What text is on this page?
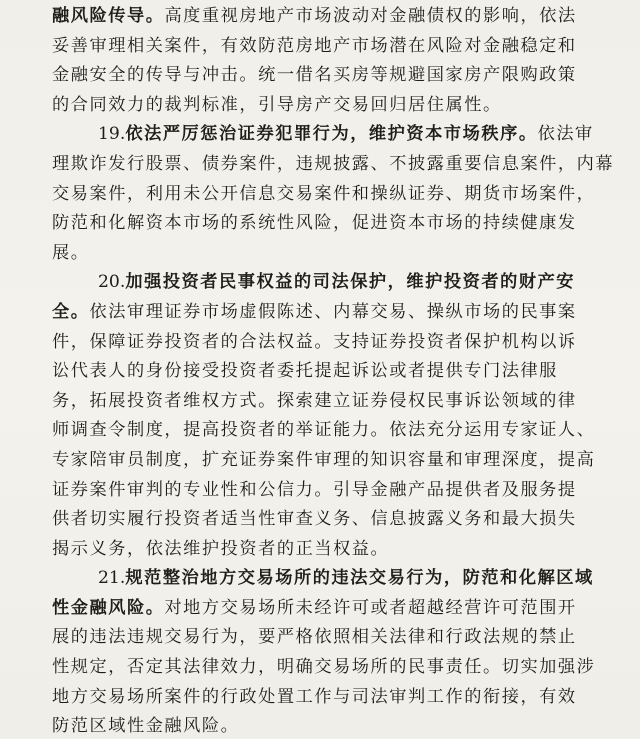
融风险传导。高度重视房地产市场波动对金融债权的影响，依法
妥善审理相关案件，有效防范房地产市场潜在风险对金融稳定和
金融安全的传导与冲击。统一借名买房等规避国家房产限购政策
的合同效力的裁判标准，引导房产交易回归居住属性。
19.依法严厉惩治证券犯罪行为，维护资本市场秩序。依法审
理欺诈发行股票、债券案件，违规披露、不披露重要信息案件，内幕
交易案件，利用未公开信息交易案件和操纵证券、期货市场案件，
防范和化解资本市场的系统性风险，促进资本市场的持续健康发
展。
20.加强投资者民事权益的司法保护，维护投资者的财产安
全。依法审理证券市场虚假陈述、内幕交易、操纵市场的民事案
件，保障证券投资者的合法权益。支持证券投资者保护机构以诉
讼代表人的身份接受投资者委托提起诉讼或者提供专门法律服
务，拓展投资者维权方式。探索建立证券侵权民事诉讼领域的律
师调查令制度，提高投资者的举证能力。依法充分运用专家证人、
专家陪审员制度，扩充证券案件审理的知识容量和审理深度，提高
证券案件审判的专业性和公信力。引导金融产品提供者及服务提
供者切实履行投资者适当性审查义务、信息披露义务和最大损失
揭示义务，依法维护投资者的正当权益。
21.规范整治地方交易场所的违法交易行为，防范和化解区域
性金融风险。对地方交易场所未经许可或者超越经营许可范围开
展的违法违规交易行为，要严格依照相关法律和行政法规的禁止
性规定，否定其法律效力，明确交易场所的民事责任。切实加强涉
地方交易场所案件的行政处置工作与司法审判工作的衔接，有效
防范区域性金融风险。
